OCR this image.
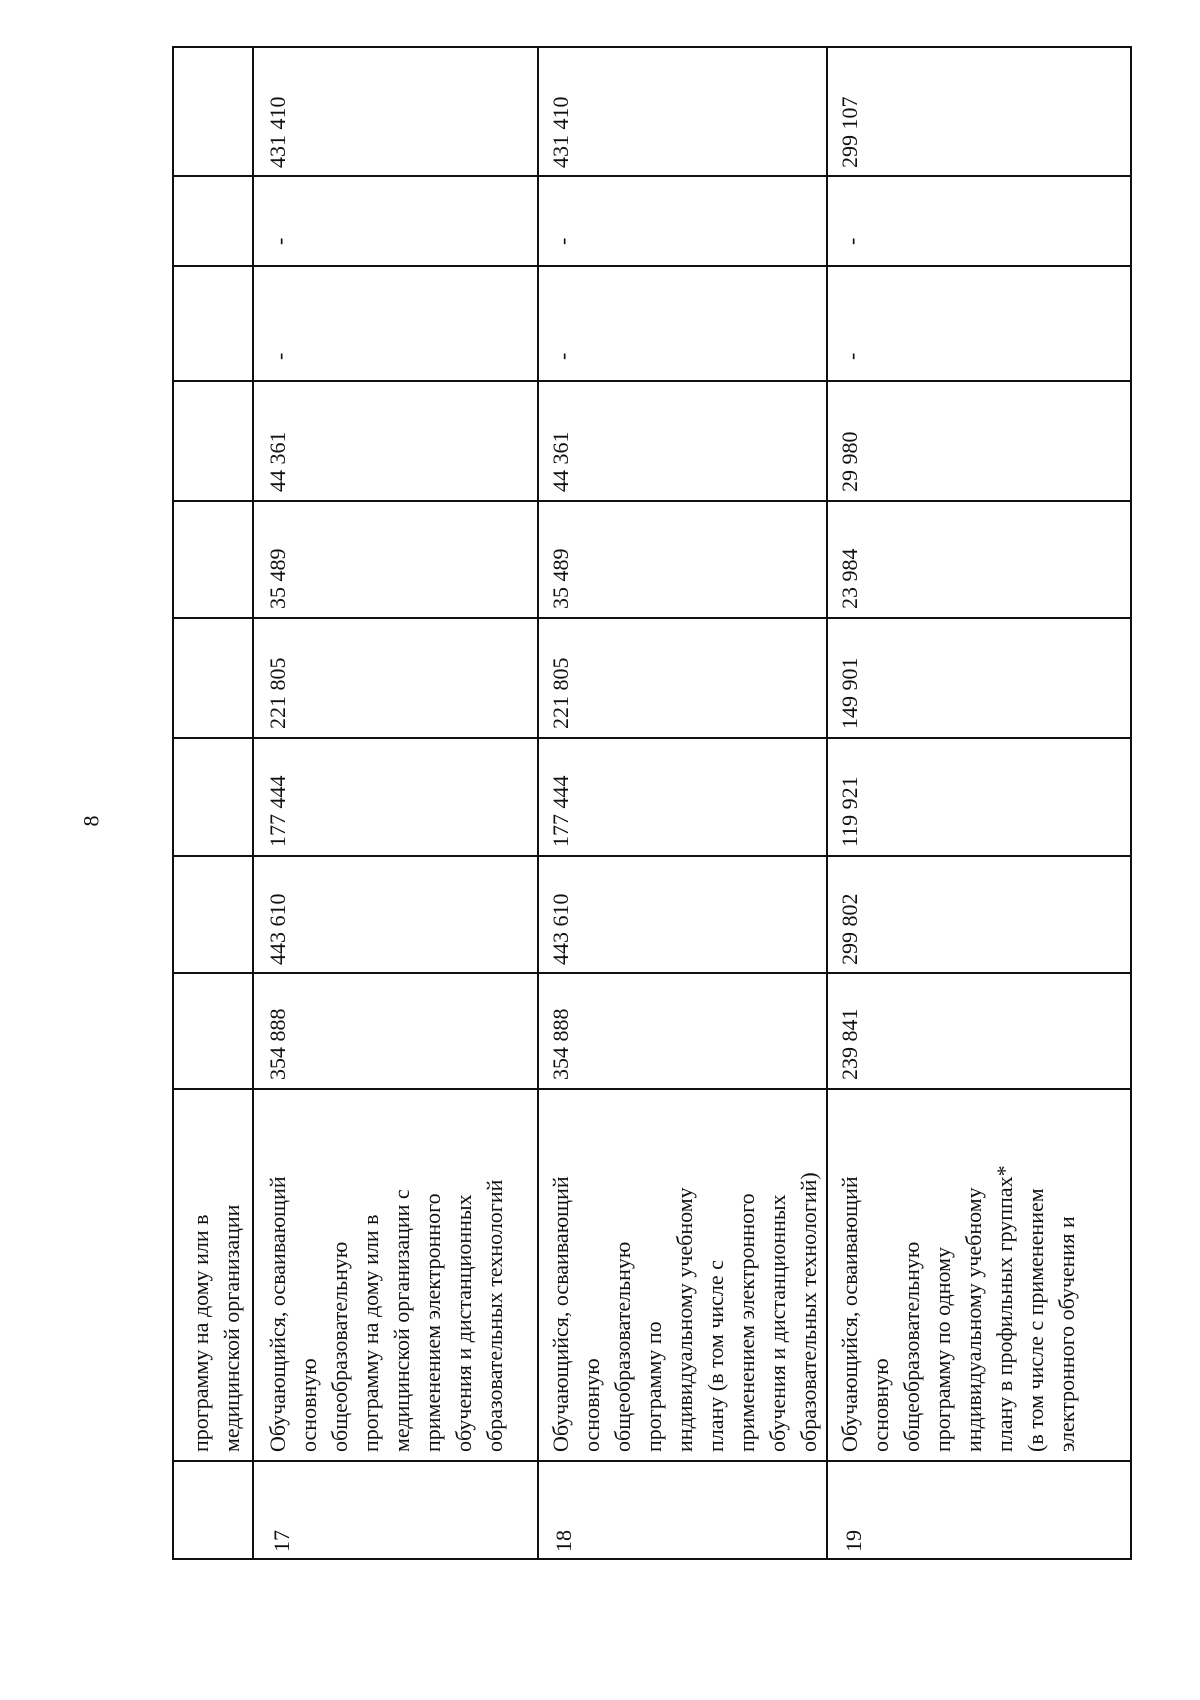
8
программу на дому или в медицинской организации
17
Обучающийся, осваивающий основную общеобразовательную программу на дому или в медицинской организации с применением электронного обучения и дистанционных образовательных технологий
354 888
443 610
177 444
221 805
35 489
44 361
-
-
431 410
18
Обучающийся, осваивающий основную общеобразовательную программу по индивидуальному учебному плану (в том числе с применением электронного обучения и дистанционных образовательных технологий)
354 888
443 610
177 444
221 805
35 489
44 361
-
-
431 410
19
Обучающийся, осваивающий основную общеобразовательную программу по одному индивидуальному учебному плану в профильных группах* (в том числе с применением электронного обучения и
239 841
299 802
119 921
149 901
23 984
29 980
-
-
299 107
